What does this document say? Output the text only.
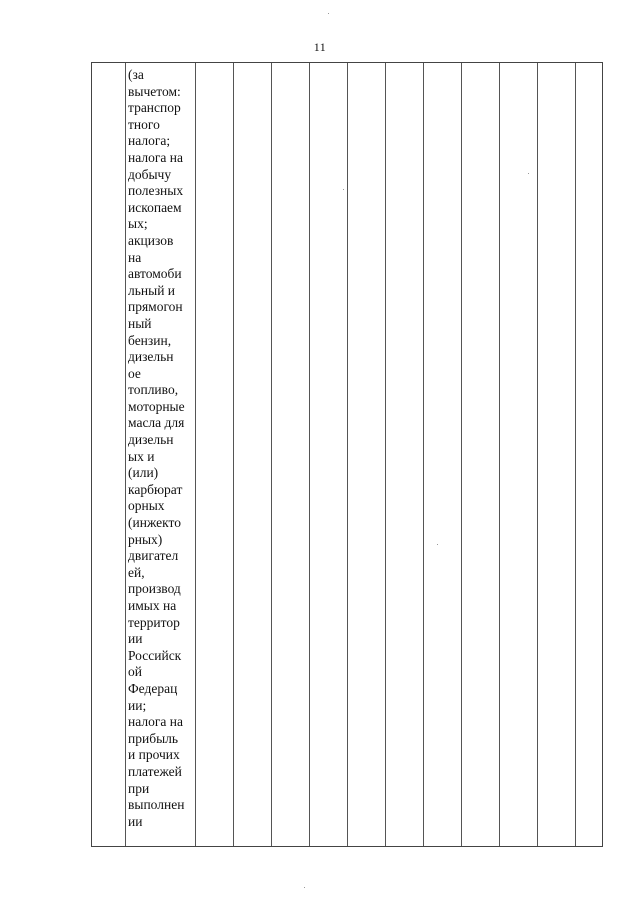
11
(за
вычетом:
транспор
тного
налога;
налога на
добычу
полезных
ископаем
ых;
акцизов
на
автомоби
льный и
прямогон
ный
бензин,
дизельн
ое
топливо,
моторные
масла для
дизельн
ых и
(или)
карбюрат
орных
(инжекто
рных)
двигател
ей,
производ
имых на
территор
ии
Российск
ой
Федерац
ии;
налога на
прибыль
и прочих
платежей
при
выполнен
ии
